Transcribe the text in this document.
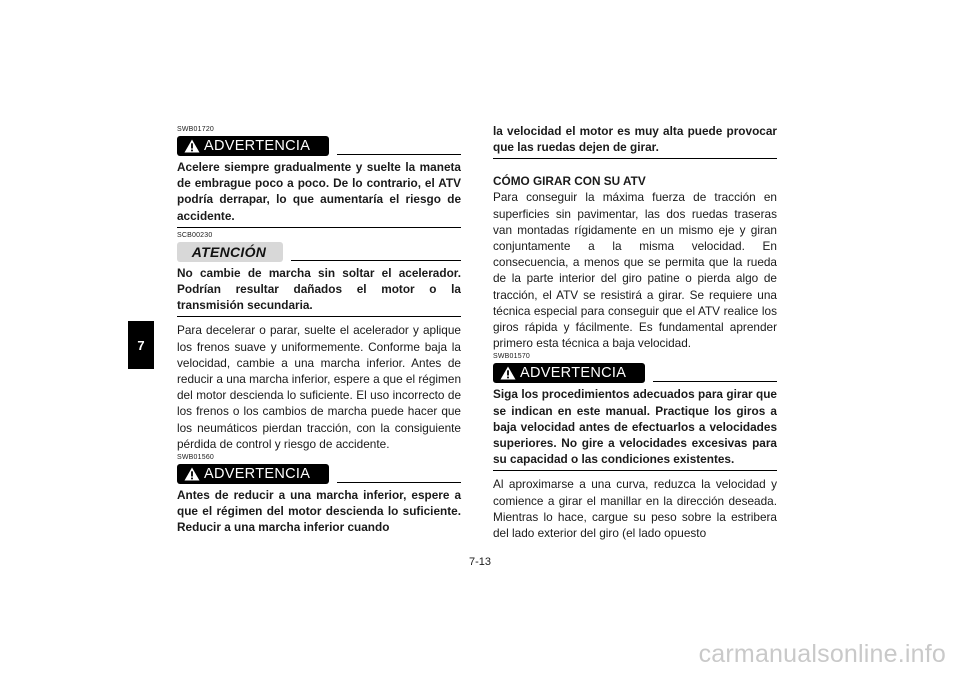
7
SWB01720
ADVERTENCIA

Acelere siempre gradualmente y suelte la maneta de embrague poco a poco. De lo contrario, el ATV podría derrapar, lo que aumentaría el riesgo de accidente.

SCB00230
ATENCIÓN

No cambie de marcha sin soltar el acelerador. Podrían resultar dañados el motor o la transmisión secundaria.

Para decelerar o parar, suelte el acelerador y aplique los frenos suave y uniformemente. Conforme baja la velocidad, cambie a una marcha inferior. Antes de reducir a una marcha inferior, espere a que el régimen del motor descienda lo suficiente. El uso incorrecto de los frenos o los cambios de marcha puede hacer que los neumáticos pierdan tracción, con la consiguiente pérdida de control y riesgo de accidente.

SWB01560
ADVERTENCIA

Antes de reducir a una marcha inferior, espere a que el régimen del motor descienda lo suficiente. Reducir a una marcha inferior cuando

la velocidad el motor es muy alta puede provocar que las ruedas dejen de girar.

CÓMO GIRAR CON SU ATV

Para conseguir la máxima fuerza de tracción en superficies sin pavimentar, las dos ruedas traseras van montadas rígidamente en un mismo eje y giran conjuntamente a la misma velocidad. En consecuencia, a menos que se permita que la rueda de la parte interior del giro patine o pierda algo de tracción, el ATV se resistirá a girar. Se requiere una técnica especial para conseguir que el ATV realice los giros rápida y fácilmente. Es fundamental aprender primero esta técnica a baja velocidad.

SWB01570
ADVERTENCIA

Siga los procedimientos adecuados para girar que se indican en este manual. Practique los giros a baja velocidad antes de efectuarlos a velocidades superiores. No gire a velocidades excesivas para su capacidad o las condiciones existentes.

Al aproximarse a una curva, reduzca la velocidad y comience a girar el manillar en la dirección deseada. Mientras lo hace, cargue su peso sobre la estribera del lado exterior del giro (el lado opuesto

7-13
carmanualsonline.info
